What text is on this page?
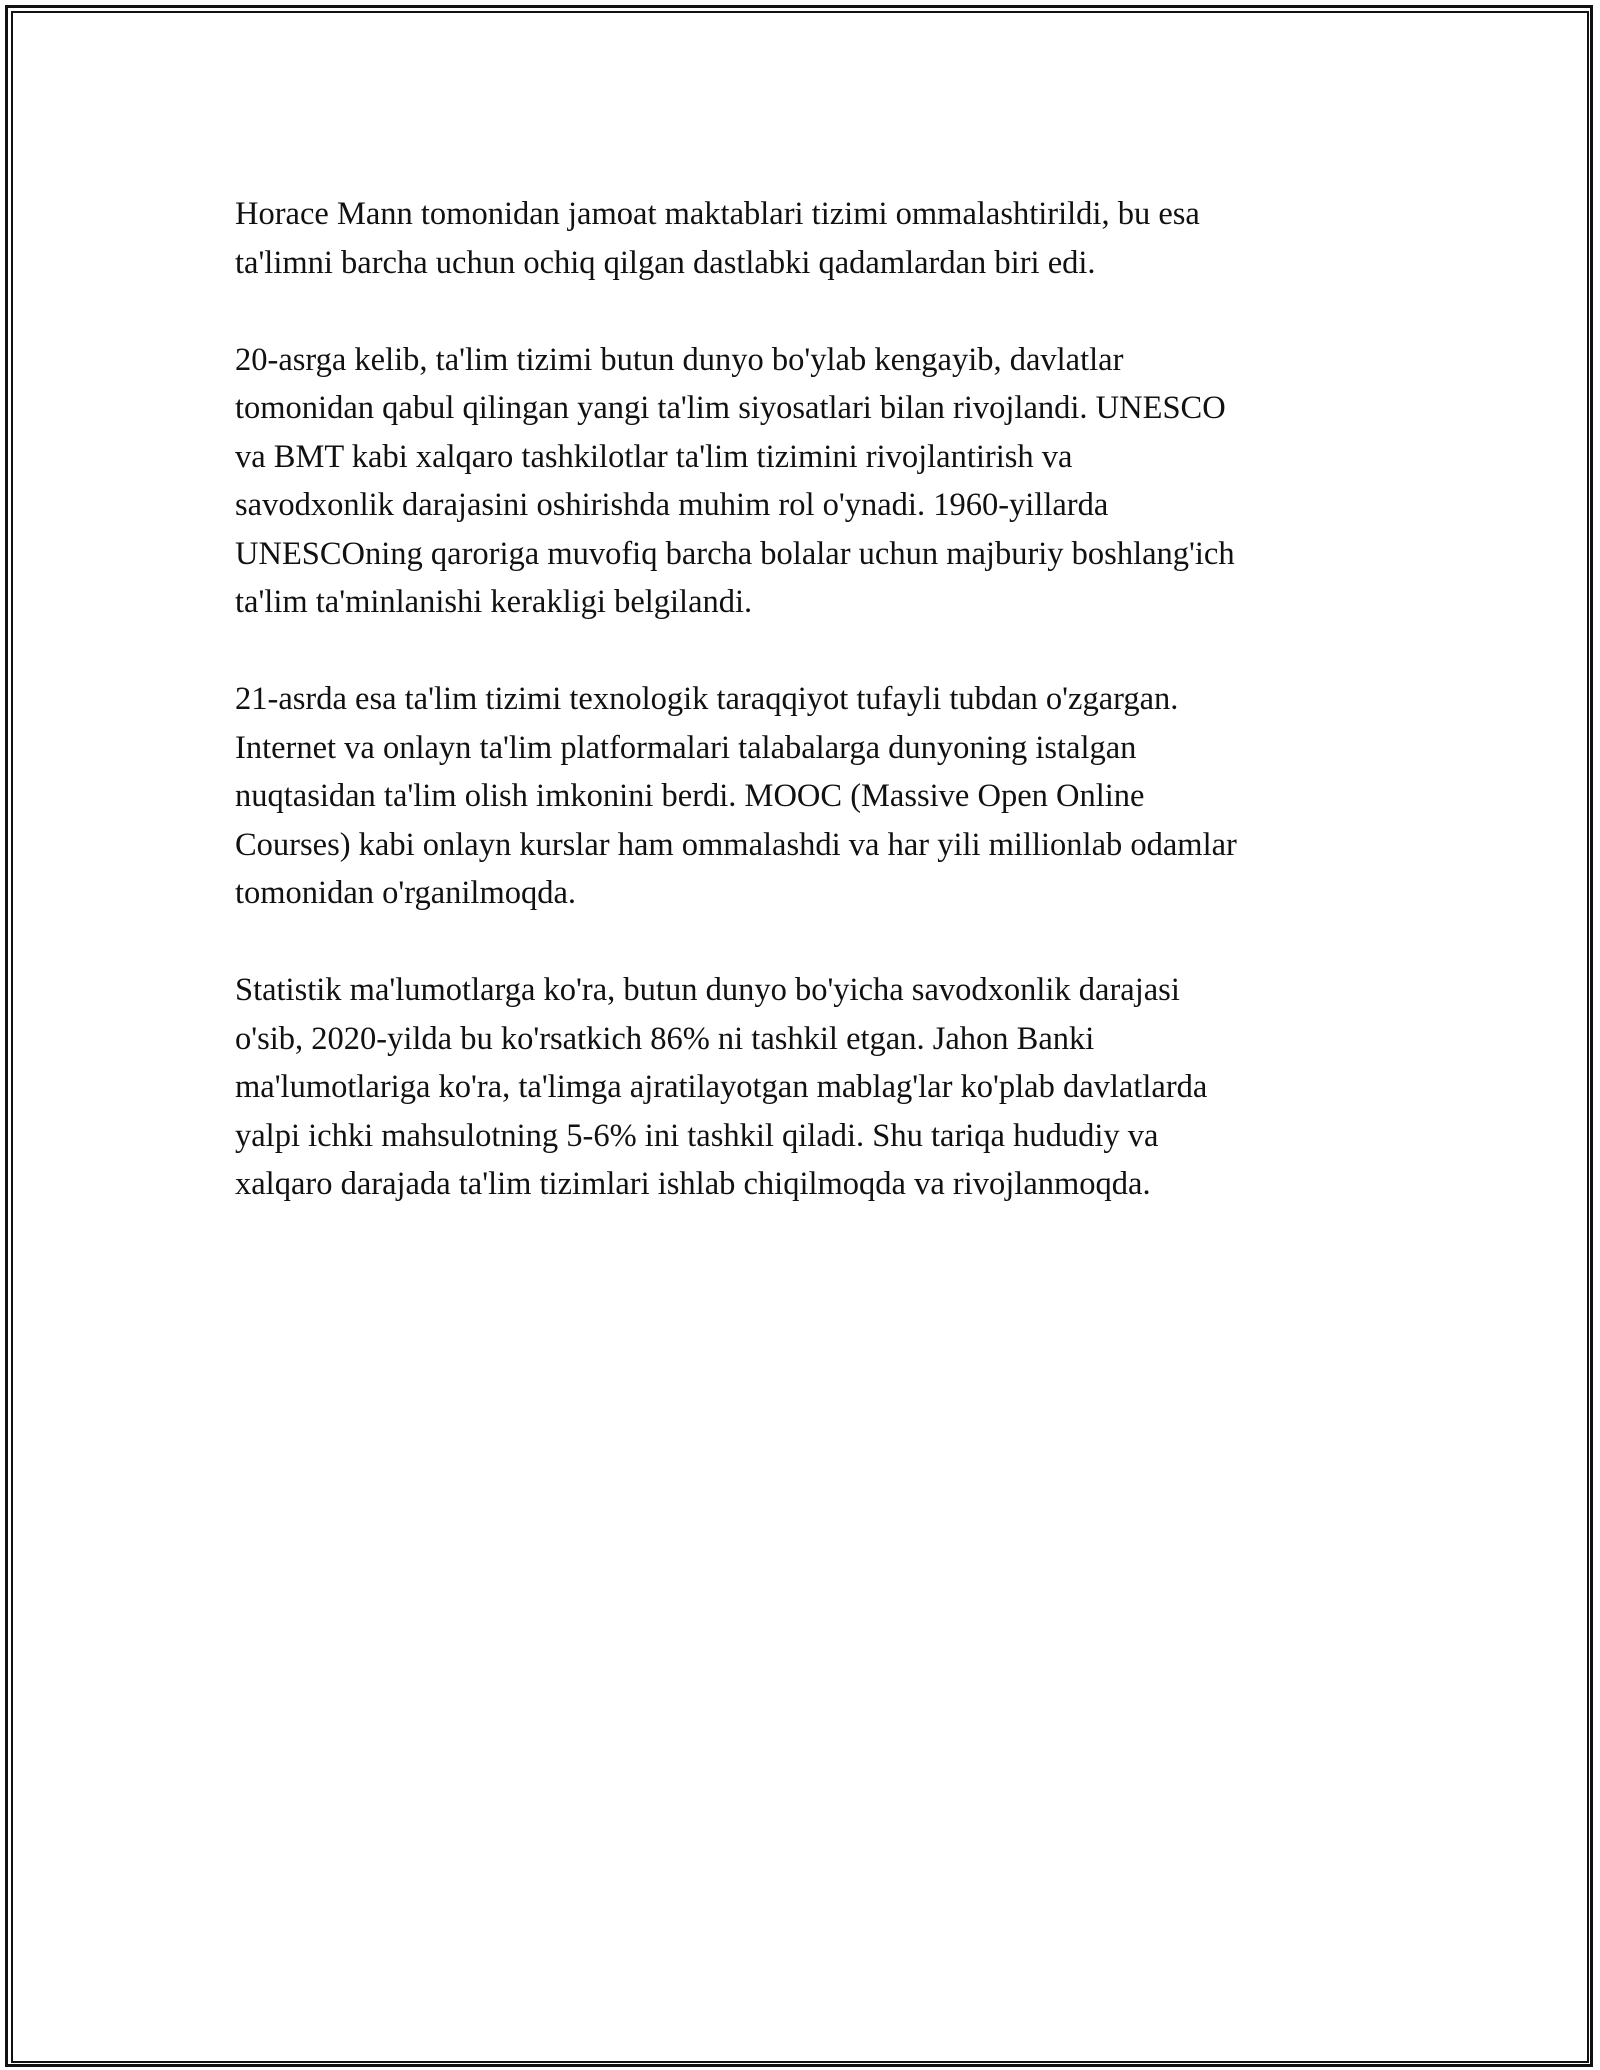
Horace Mann tomonidan jamoat maktablari tizimi ommalashtirildi, bu esa
ta'limni barcha uchun ochiq qilgan dastlabki qadamlardan biri edi.

20-asrga kelib, ta'lim tizimi butun dunyo bo'ylab kengayib, davlatlar
tomonidan qabul qilingan yangi ta'lim siyosatlari bilan rivojlandi. UNESCO
va BMT kabi xalqaro tashkilotlar ta'lim tizimini rivojlantirish va
savodxonlik darajasini oshirishda muhim rol o'ynadi. 1960-yillarda
UNESCOning qaroriga muvofiq barcha bolalar uchun majburiy boshlang'ich
ta'lim ta'minlanishi kerakligi belgilandi.

21-asrda esa ta'lim tizimi texnologik taraqqiyot tufayli tubdan o'zgargan.
Internet va onlayn ta'lim platformalari talabalarga dunyoning istalgan
nuqtasidan ta'lim olish imkonini berdi. MOOC (Massive Open Online
Courses) kabi onlayn kurslar ham ommalashdi va har yili millionlab odamlar
tomonidan o'rganilmoqda.

Statistik ma'lumotlarga ko'ra, butun dunyo bo'yicha savodxonlik darajasi
o'sib, 2020-yilda bu ko'rsatkich 86% ni tashkil etgan. Jahon Banki
ma'lumotlariga ko'ra, ta'limga ajratilayotgan mablag'lar ko'plab davlatlarda
yalpi ichki mahsulotning 5-6% ini tashkil qiladi. Shu tariqa hududiy va
xalqaro darajada ta'lim tizimlari ishlab chiqilmoqda va rivojlanmoqda.
